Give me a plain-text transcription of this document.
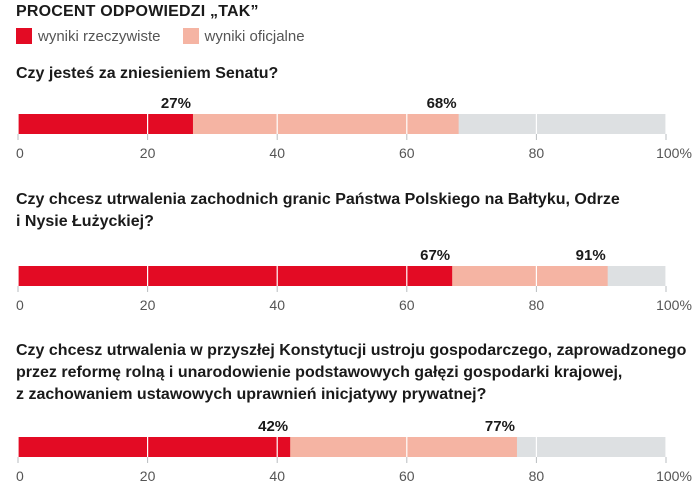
PROCENT ODPOWIEDZI „TAK”
wyniki rzeczywiste	wyniki oficjalne
Czy jesteś za zniesieniem Senatu?
Czy chcesz utrwalenia zachodnich granic Państwa Polskiego na Bałtyku, Odrze
i Nysie Łużyckiej?
Czy chcesz utrwalenia w przyszłej Konstytucji ustroju gospodarczego, zaprowadzonego
przez reformę rolną i unarodowienie podstawowych gałęzi gospodarki krajowej,
z zachowaniem ustawowych uprawnień inicjatywy prywatnej?
0	20	40	60	80	100%
27%	68%
0	20	40	60	80	100%
67%	91%
0	20	40	60	80	100%
42%	77%
